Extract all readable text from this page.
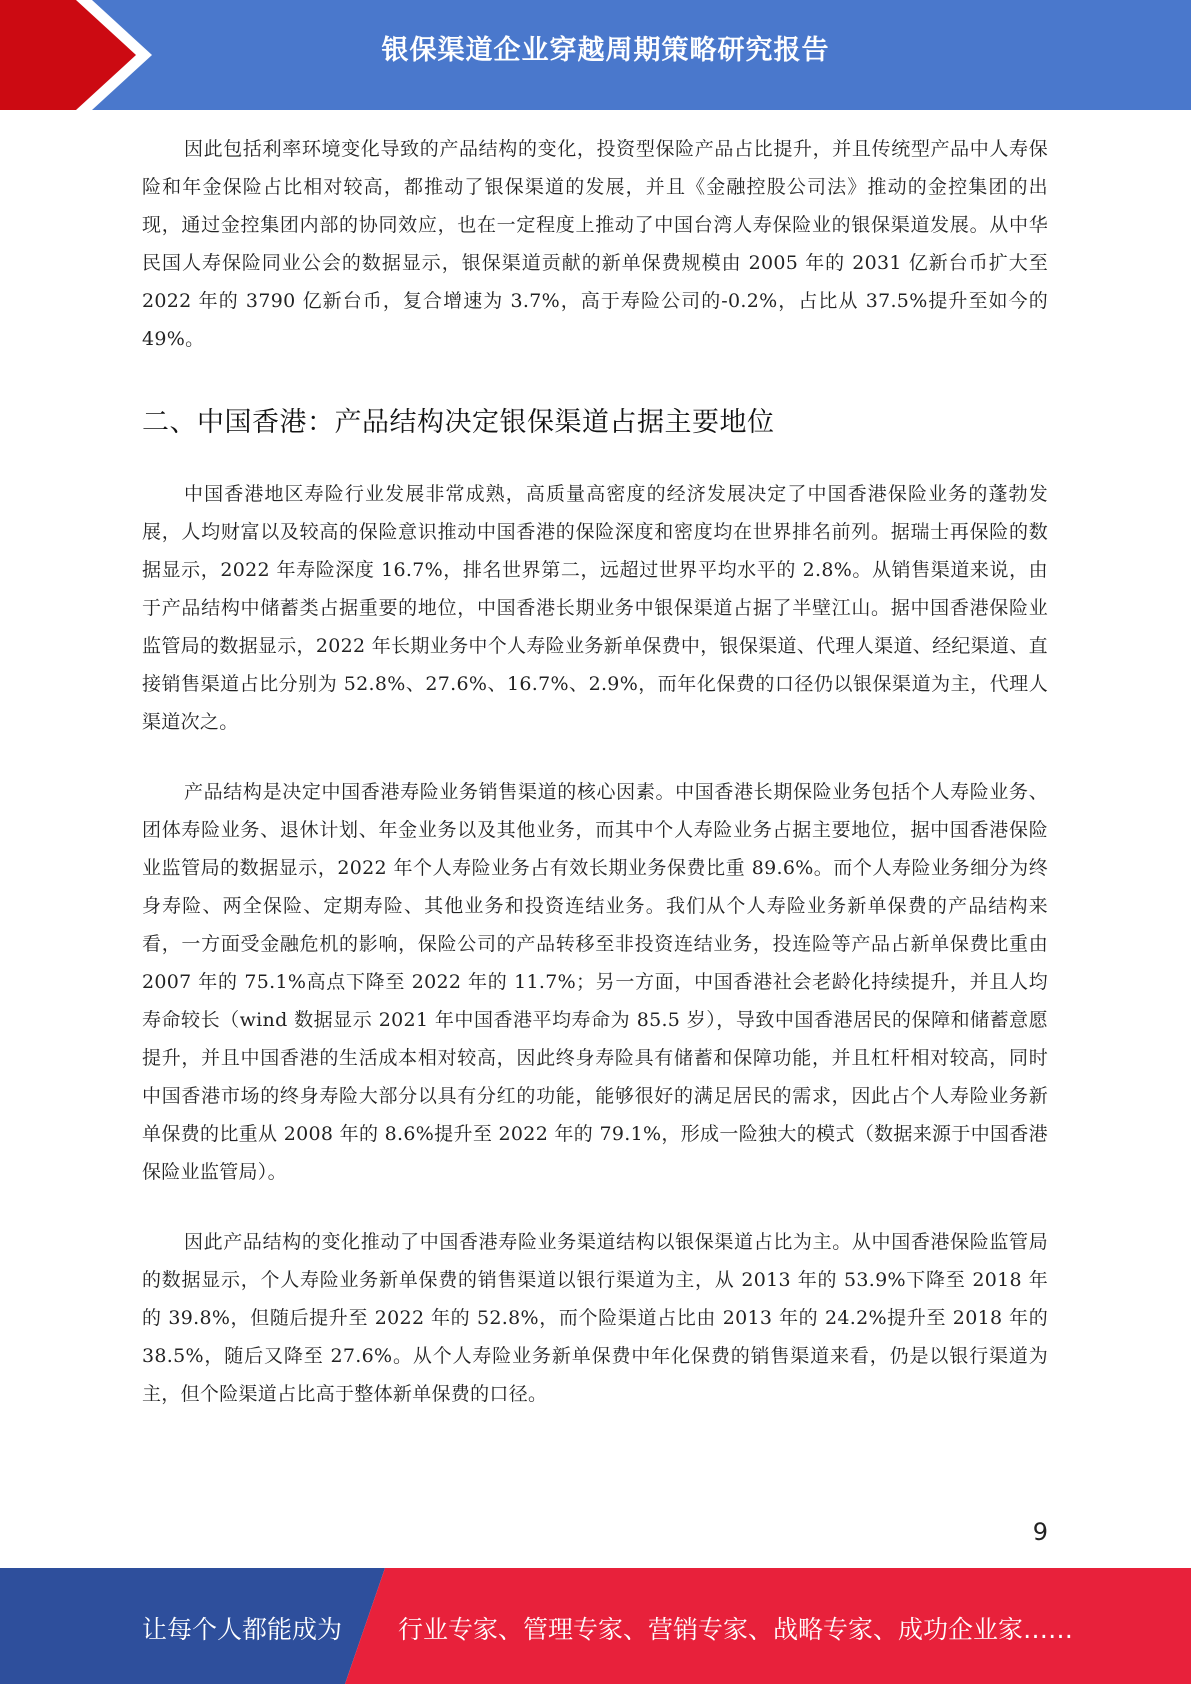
银保渠道企业穿越周期策略研究报告

因此包括利率环境变化导致的产品结构的变化，投资型保险产品占比提升，并且传统型产品中人寿保险和年金保险占比相对较高，都推动了银保渠道的发展，并且《金融控股公司法》推动的金控集团的出现，通过金控集团内部的协同效应，也在一定程度上推动了中国台湾人寿保险业的银保渠道发展。从中华民国人寿保险同业公会的数据显示，银保渠道贡献的新单保费规模由 2005 年的 2031 亿新台币扩大至 2022 年的 3790 亿新台币，复合增速为 3.7%，高于寿险公司的-0.2%，占比从 37.5%提升至如今的 49%。

二、中国香港：产品结构决定银保渠道占据主要地位

中国香港地区寿险行业发展非常成熟，高质量高密度的经济发展决定了中国香港保险业务的蓬勃发展，人均财富以及较高的保险意识推动中国香港的保险深度和密度均在世界排名前列。据瑞士再保险的数据显示，2022 年寿险深度 16.7%，排名世界第二，远超过世界平均水平的 2.8%。从销售渠道来说，由于产品结构中储蓄类占据重要的地位，中国香港长期业务中银保渠道占据了半壁江山。据中国香港保险业监管局的数据显示，2022 年长期业务中个人寿险业务新单保费中，银保渠道、代理人渠道、经纪渠道、直接销售渠道占比分别为 52.8%、27.6%、16.7%、2.9%，而年化保费的口径仍以银保渠道为主，代理人渠道次之。

产品结构是决定中国香港寿险业务销售渠道的核心因素。中国香港长期保险业务包括个人寿险业务、团体寿险业务、退休计划、年金业务以及其他业务，而其中个人寿险业务占据主要地位，据中国香港保险业监管局的数据显示，2022 年个人寿险业务占有效长期业务保费比重 89.6%。而个人寿险业务细分为终身寿险、两全保险、定期寿险、其他业务和投资连结业务。我们从个人寿险业务新单保费的产品结构来看，一方面受金融危机的影响，保险公司的产品转移至非投资连结业务，投连险等产品占新单保费比重由 2007 年的 75.1%高点下降至 2022 年的 11.7%；另一方面，中国香港社会老龄化持续提升，并且人均寿命较长（wind 数据显示 2021 年中国香港平均寿命为 85.5 岁），导致中国香港居民的保障和储蓄意愿提升，并且中国香港的生活成本相对较高，因此终身寿险具有储蓄和保障功能，并且杠杆相对较高，同时中国香港市场的终身寿险大部分以具有分红的功能，能够很好的满足居民的需求，因此占个人寿险业务新单保费的比重从 2008 年的 8.6%提升至 2022 年的 79.1%，形成一险独大的模式（数据来源于中国香港保险业监管局）。

因此产品结构的变化推动了中国香港寿险业务渠道结构以银保渠道占比为主。从中国香港保险监管局的数据显示，个人寿险业务新单保费的销售渠道以银行渠道为主，从 2013 年的 53.9%下降至 2018 年的 39.8%，但随后提升至 2022 年的 52.8%，而个险渠道占比由 2013 年的 24.2%提升至 2018 年的 38.5%，随后又降至 27.6%。从个人寿险业务新单保费中年化保费的销售渠道来看，仍是以银行渠道为主，但个险渠道占比高于整体新单保费的口径。

9
让每个人都能成为 行业专家、管理专家、营销专家、战略专家、成功企业家……
